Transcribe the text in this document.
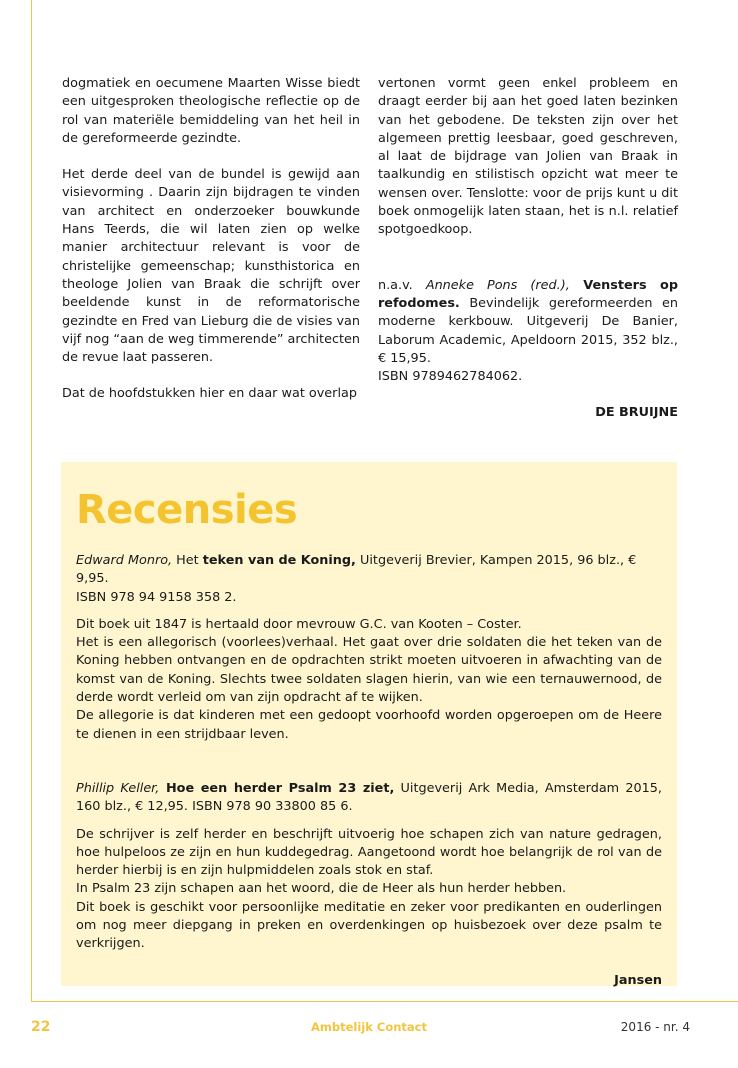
dogmatiek en oecumene Maarten Wisse biedt een uitgesproken theologische reflectie op de rol van materiële bemiddeling van het heil in de gereformeerde gezindte.

Het derde deel van de bundel is gewijd aan visievorming . Daarin zijn bijdragen te vinden van architect en onderzoeker bouwkunde Hans Teerds, die wil laten zien op welke manier architectuur relevant is voor de christelijke gemeenschap; kunsthistorica en theologe Jolien van Braak die schrijft over beeldende kunst in de reformatorische gezindte en Fred van Lieburg die de visies van vijf nog “aan de weg timmerende” architecten de revue laat passeren.

Dat de hoofdstukken hier en daar wat overlap

vertonen vormt geen enkel probleem en draagt eerder bij aan het goed laten bezinken van het gebodene. De teksten zijn over het algemeen prettig leesbaar, goed geschreven, al laat de bijdrage van Jolien van Braak in taalkundig en stilistisch opzicht wat meer te wensen over. Tenslotte: voor de prijs kunt u dit boek onmogelijk laten staan, het is n.l. relatief spotgoedkoop.

n.a.v. Anneke Pons (red.), Vensters op refodomes. Bevindelijk gereformeerden en moderne kerkbouw. Uitgeverij De Banier, Laborum Academic, Apeldoorn 2015, 352 blz., € 15,95.

ISBN 9789462784062.

DE BRUIJNE

Recensies

Edward Monro, Het teken van de Koning, Uitgeverij Brevier, Kampen 2015, 96 blz., € 9,95.
ISBN 978 94 9158 358 2.

Dit boek uit 1847 is hertaald door mevrouw G.C. van Kooten – Coster.

Het is een allegorisch (voorlees)verhaal. Het gaat over drie soldaten die het teken van de Koning hebben ontvangen en de opdrachten strikt moeten uitvoeren in afwachting van de komst van de Koning. Slechts twee soldaten slagen hierin, van wie een ternauwernood, de derde wordt verleid om van zijn opdracht af te wijken.

De allegorie is dat kinderen met een gedoopt voorhoofd worden opgeroepen om de Heere te dienen in een strijdbaar leven.

Phillip Keller, Hoe een herder Psalm 23 ziet, Uitgeverij Ark Media, Amsterdam 2015, 160 blz., € 12,95. ISBN 978 90 33800 85 6.

De schrijver is zelf herder en beschrijft uitvoerig hoe schapen zich van nature gedragen, hoe hulpeloos ze zijn en hun kuddegedrag. Aangetoond wordt hoe belangrijk de rol van de herder hierbij is en zijn hulpmiddelen zoals stok en staf.

In Psalm 23 zijn schapen aan het woord, die de Heer als hun herder hebben.

Dit boek is geschikt voor persoonlijke meditatie en zeker voor predikanten en ouderlingen om nog meer diepgang in preken en overdenkingen op huisbezoek over deze psalm te verkrijgen.

Jansen

22	Ambtelijk Contact	2016 - nr. 4
